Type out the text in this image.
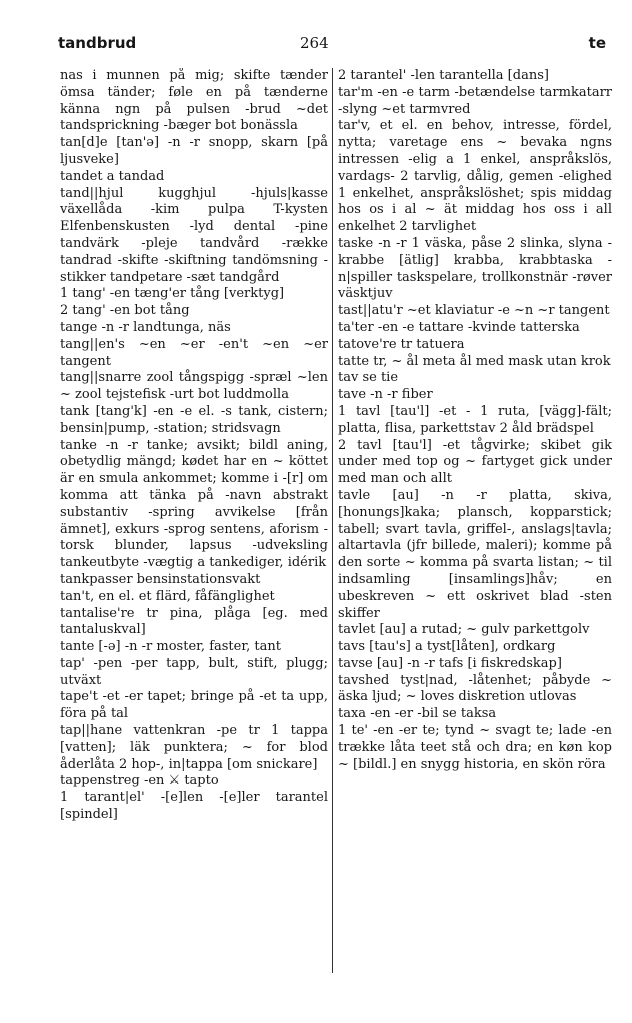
tandbrud	264	te

nas i munnen på mig; skifte tænder ömsa tänder; føle en på tænderne känna ngn på pulsen -brud ~det tandsprickning -bæger bot bonässla

tan[d]e [tan'ə] -n -r snopp, skarn [på ljusveke]

tandet a tandad

tand||hjul kugghjul -hjuls|kasse växellåda -kim pulpa T-kysten Elfenbenskusten -lyd dental -pine tandvärk -pleje tandvård -række tandrad -skifte -skiftning tandömsning -stikker tandpetare -sæt tandgård

1 tang' -en tæng'er tång [verktyg]

2 tang' -en bot tång

tange -n -r landtunga, näs

tang||en's ~en ~er -en't ~en ~er tangent

tang||snarre zool tångspigg -spræl ~len ~ zool tejstefisk -urt bot luddmolla

tank [tang'k] -en -e el. -s tank, cistern; bensin|pump, -station; stridsvagn

tanke -n -r tanke; avsikt; bildl aning, obetydlig mängd; kødet har en ~ köttet är en smula ankommet; komme i -[r] om komma att tänka på -navn abstrakt substantiv -spring avvikelse [från ämnet], exkurs -sprog sentens, aforism -torsk blunder, lapsus -udveksling tankeutbyte -vægtig a tankediger, idérik

tankpasser bensinstationsvakt

tan't, en el. et flärd, fåfänglighet

tantalise're tr pina, plåga [eg. med tantaluskval]

tante [-ə] -n -r moster, faster, tant

tap' -pen -per tapp, bult, stift, plugg; utväxt

tape't -et -er tapet; bringe på -et ta upp, föra på tal

tap||hane vattenkran -pe tr 1 tappa [vatten]; läk punktera; ~ for blod åderlåta 2 hop-, in|tappa [om snickare]

tappenstreg -en ⚔ tapto

1 tarant|el' -[e]len -[e]ler tarantel [spindel]

2 tarantel' -len tarantella [dans]

tar'm -en -e tarm -betændelse tarmkatarr -slyng ~et tarmvred

tar'v, et el. en behov, intresse, fördel, nytta; varetage ens ~ bevaka ngns intressen -elig a 1 enkel, anspråkslös, vardags- 2 tarvlig, dålig, gemen -elighed 1 enkelhet, anspråkslöshet; spis middag hos os i al ~ ät middag hos oss i all enkelhet 2 tarvlighet

taske -n -r 1 väska, påse 2 slinka, slyna -krabbe [ätlig] krabba, krabbtaska -n|spiller taskspelare, trollkonstnär -røver väsktjuv

tast||atu'r ~et klaviatur -e ~n ~r tangent

ta'ter -en -e tattare -kvinde tatterska

tatove're tr tatuera

tatte tr, ~ ål meta ål med mask utan krok

tav se tie

tave -n -r fiber

1 tavl [tau'l] -et - 1 ruta, [vägg]-fält; platta, flisa, parkettstav 2 åld brädspel

2 tavl [tau'l] -et tågvirke; skibet gik under med top og ~ fartyget gick under med man och allt

tavle [au] -n -r platta, skiva, [honungs]kaka; plansch, kopparstick; tabell; svart tavla, griffel-, anslags|tavla; altartavla (jfr billede, maleri); komme på den sorte ~ komma på svarta listan; ~ til indsamling [insamlings]håv; en ubeskreven ~ ett oskrivet blad -sten skiffer

tavlet [au] a rutad; ~ gulv parkettgolv

tavs [tau's] a tyst[låten], ordkarg

tavse [au] -n -r tafs [i fiskredskap]

tavshed tyst|nad, -låtenhet; påbyde ~ äska ljud; ~ loves diskretion utlovas

taxa -en -er -bil se taksa

1 te' -en -er te; tynd ~ svagt te; lade -en trække låta teet stå och dra; en køn kop ~ [bildl.] en snygg historia, en skön röra
